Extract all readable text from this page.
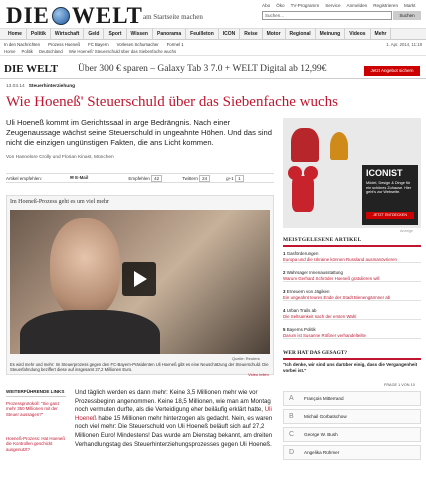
DIE WELT am Startseite machen
Abo Öko TV-Programm Service Anmelden Registrieren Markt
Suchen...	Suchen
Home	Politik	Wirtschaft	Geld	Sport	Wissen	Panorama	Feuilleton	ICON	Reise	Motor	Regional	Meinung	Videos	Mehr
In den Nachrichten Prozess Hoeneß FC Bayern Vorlesen Schumacher Formel 1	1. Apr. 2014, 11:18
Home Politik Deutschland Wie Hoeneß' Steuerschuld über das Siebenfache wuchs
DIE WELT Über 300 € sparen – Galaxy Tab 3 7.0 + WELT Digital ab 12,99€	Jetzt Angebot sichern
13.03.14 Steuerhinterziehung
Wie Hoeneß' Steuerschuld über das Siebenfache wuchs
Uli Hoeneß kommt im Gerichtssaal in arge Bedrängnis. Nach einer Zeugenaussage wächst seine Steuerschuld in ungeahnte Höhen. Und das sind nicht die einzigen ungünstigen Fakten, die ans Licht kommen.
Von Hannelore Crolly und Florian Kinast, München
Artikel empfehlen:	✉ E-Mail	Empfehlen 42	Twittern 24	g+1 1
Im Hoeneß-Prozess geht es um viel mehr
Quelle: Reuters
Es wird mehr und mehr: Im Steuerprozess gegen den FC-Bayern-Präsidenten Uli Hoeneß gibt es eine Neuschätzung der Steuerschuld. Die Steuerfahndung beziffert diese auf insgesamt 27,2 Millionen Euro.
Video teilen
ICONIST
Mödel, Design & Dinge für ein schönes Zuhause. Hier geht's zur Webseite.
JETZT ENTDECKEN
Anzeige
MEISTGELESENE ARTIKEL
1 Gasförderungen
Europa und die Ukraine können Russland ausmanövrieren
2 Wahrsager Innenausstattung
Warum Gerhard Schröder Hoeneß gratulieren will
3 Erneuern von Jägiken
Ein ungeahnt teures Ende der Stadt Bienengärmner ab
4 Urban Trails ab
Die Seltsamkeit nach der ersten Wahl
5 Bayerns Politik
Darum ist Susanne Rößner verhandelteilte
WER HAT DAS GESAGT?
"Ich denke, wir sind uns darüber einig, dass die Vergangenheit vorbei ist."
FRAGE 1 VON 10
A François Mitterrand
B Michail Gorbatschow
C George W. Bush
D Angelika Rühmer
WEITERFÜHRENDE LINKS
Prozessprotokoll: "Sie ganz mehr 350 Millionen mit der Steuer aussagen?"
Hoeneß-Prozess: Hat Hoeneß die Kontrollen geschickt ausgenutzt?
Und täglich werden es dann mehr: Keine 3,5 Millionen mehr wie vor Prozessbeginn angenommen. Keine 18,5 Millionen, wie man am Montag noch vermuten durfte, als die Verteidigung eher beiläufig erklärt hatte, Uli Hoeneß habe 15 Millionen mehr hinterzogen als gedacht. Nein, es waren noch viel mehr: Die Steuerschuld von Uli Hoeneß beläuft sich auf 27,2 Millionen Euro! Mindestens! Das wurde am Dienstag bekannt, am dreiten Verhandlungstag des Steuerhinterziehungsprozesses gegen Uli Hoeneß.
